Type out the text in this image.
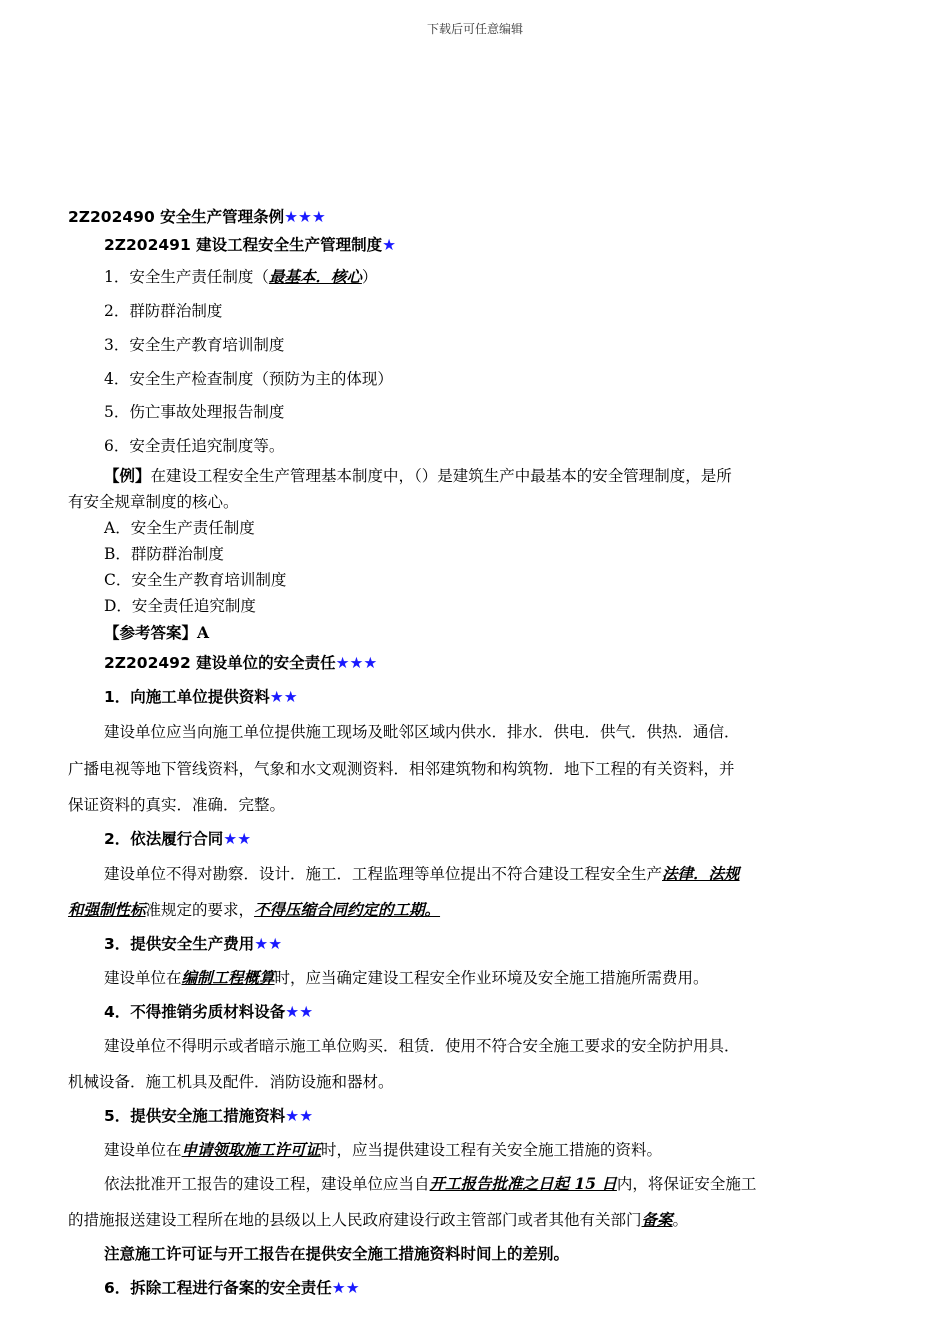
下载后可任意编辑
2Z202490 安全生产管理条例★★★
2Z202491 建设工程安全生产管理制度★
1．安全生产责任制度（最基本．核心）
2．群防群治制度
3．安全生产教育培训制度
4．安全生产检查制度（预防为主的体现）
5．伤亡事故处理报告制度
6．安全责任追究制度等。
【例】在建设工程安全生产管理基本制度中，（）是建筑生产中最基本的安全管理制度，是所
有安全规章制度的核心。
A．安全生产责任制度
B．群防群治制度
C．安全生产教育培训制度
D．安全责任追究制度
【参考答案】A
2Z202492 建设单位的安全责任★★★
1．向施工单位提供资料★★
建设单位应当向施工单位提供施工现场及毗邻区域内供水．排水．供电．供气．供热．通信．
广播电视等地下管线资料，气象和水文观测资料．相邻建筑物和构筑物．地下工程的有关资料，并
保证资料的真实．准确．完整。
2．依法履行合同★★
建设单位不得对勘察．设计．施工．工程监理等单位提出不符合建设工程安全生产法律．法规
和强制性标准规定的要求，不得压缩合同约定的工期。
3．提供安全生产费用★★
建设单位在编制工程概算时，应当确定建设工程安全作业环境及安全施工措施所需费用。
4．不得推销劣质材料设备★★
建设单位不得明示或者暗示施工单位购买．租赁．使用不符合安全施工要求的安全防护用具．
机械设备．施工机具及配件．消防设施和器材。
5．提供安全施工措施资料★★
建设单位在申请领取施工许可证时，应当提供建设工程有关安全施工措施的资料。
依法批准开工报告的建设工程，建设单位应当自开工报告批准之日起 15 日内，将保证安全施工
的措施报送建设工程所在地的县级以上人民政府建设行政主管部门或者其他有关部门备案。
注意施工许可证与开工报告在提供安全施工措施资料时间上的差别。
6．拆除工程进行备案的安全责任★★
